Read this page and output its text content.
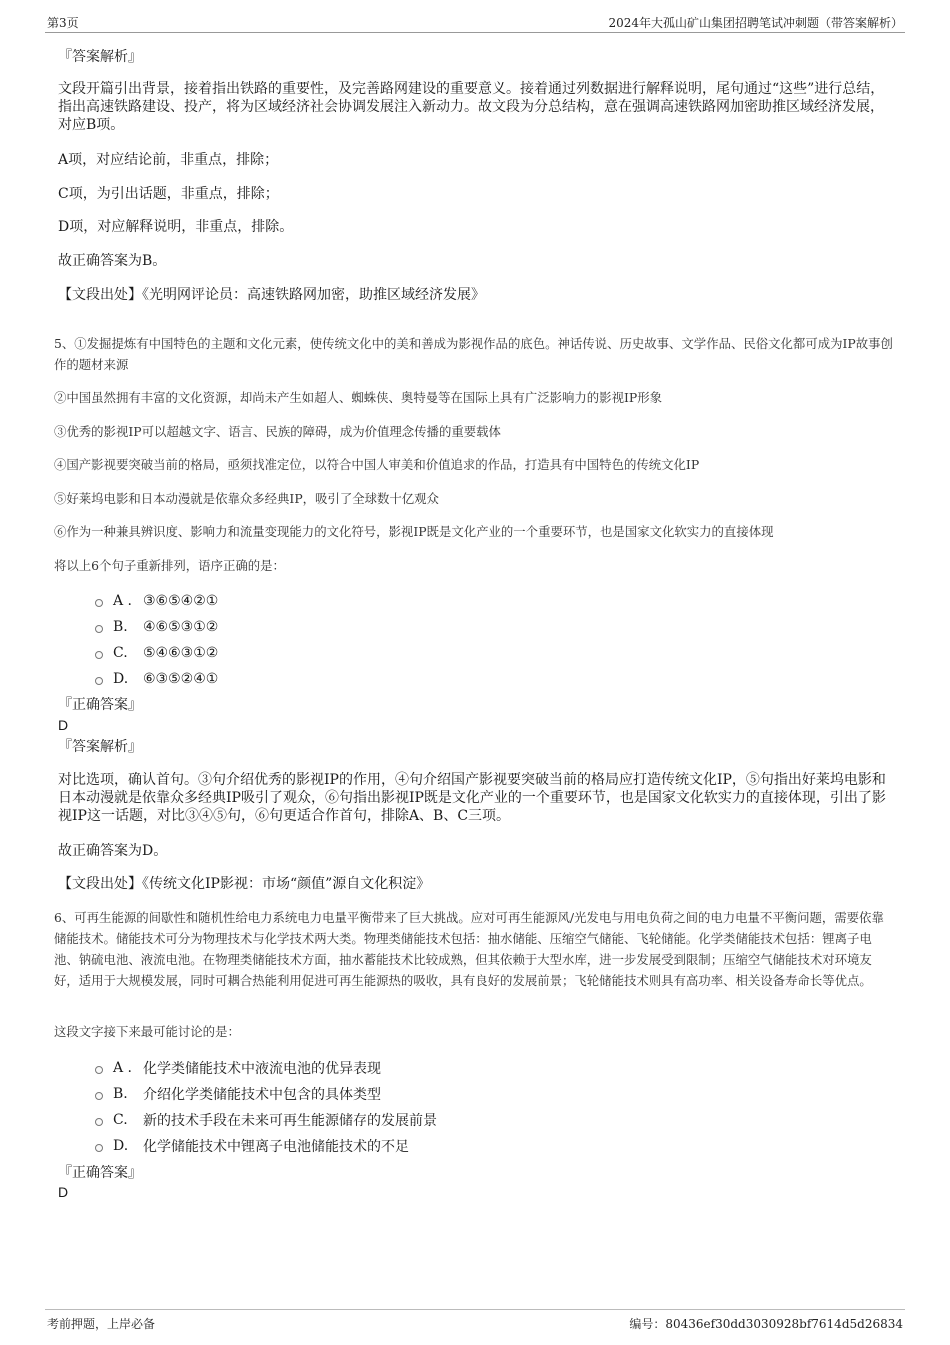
第3页	2024年大孤山矿山集团招聘笔试冲刺题（带答案解析）
『答案解析』
文段开篇引出背景，接着指出铁路的重要性，及完善路网建设的重要意义。接着通过列数据进行解释说明，尾句通过“这些”进行总结，指出高速铁路建设、投产，将为区域经济社会协调发展注入新动力。故文段为分总结构，意在强调高速铁路网加密助推区域经济发展，对应B项。
A项，对应结论前，非重点，排除；
C项，为引出话题，非重点，排除；
D项，对应解释说明，非重点，排除。
故正确答案为B。
【文段出处】《光明网评论员：高速铁路网加密，助推区域经济发展》
5、①发掘提炼有中国特色的主题和文化元素，使传统文化中的美和善成为影视作品的底色。神话传说、历史故事、文学作品、民俗文化都可成为IP故事创作的题材来源
②中国虽然拥有丰富的文化资源，却尚未产生如超人、蜘蛛侠、奥特曼等在国际上具有广泛影响力的影视IP形象
③优秀的影视IP可以超越文字、语言、民族的障碍，成为价值理念传播的重要载体
④国产影视要突破当前的格局，亟须找准定位，以符合中国人审美和价值追求的作品，打造具有中国特色的传统文化IP
⑤好莱坞电影和日本动漫就是依靠众多经典IP，吸引了全球数十亿观众
⑥作为一种兼具辨识度、影响力和流量变现能力的文化符号，影视IP既是文化产业的一个重要环节，也是国家文化软实力的直接体现
将以上6个句子重新排列，语序正确的是：
A . ③⑥⑤④②①
B.	④⑥⑤③①②
C.	⑤④⑥③①②
D.	⑥③⑤②④①
『正确答案』
D
『答案解析』
对比选项，确认首句。③句介绍优秀的影视IP的作用，④句介绍国产影视要突破当前的格局应打造传统文化IP，⑤句指出好莱坞电影和日本动漫就是依靠众多经典IP吸引了观众，⑥句指出影视IP既是文化产业的一个重要环节，也是国家文化软实力的直接体现，引出了影视IP这一话题，对比③④⑤句，⑥句更适合作首句，排除A、B、C三项。
故正确答案为D。
【文段出处】《传统文化IP影视：市场“颜值”源自文化积淀》
6、可再生能源的间歇性和随机性给电力系统电力电量平衡带来了巨大挑战。应对可再生能源风/光发电与用电负荷之间的电力电量不平衡问题，需要依靠储能技术。储能技术可分为物理技术与化学技术两大类。物理类储能技术包括：抽水储能、压缩空气储能、飞轮储能。化学类储能技术包括：锂离子电池、钠硫电池、液流电池。在物理类储能技术方面，抽水蓄能技术比较成熟，但其依赖于大型水库，进一步发展受到限制；压缩空气储能技术对环境友好，适用于大规模发展，同时可耦合热能利用促进可再生能源热的吸收，具有良好的发展前景；飞轮储能技术则具有高功率、相关设备寿命长等优点。
这段文字接下来最可能讨论的是：
A . 化学类储能技术中液流电池的优异表现
B.	介绍化学类储能技术中包含的具体类型
C.	新的技术手段在未来可再生能源储存的发展前景
D.	化学储能技术中锂离子电池储能技术的不足
『正确答案』
D
考前押题，上岸必备	编号：80436ef30dd3030928bf7614d5d26834
